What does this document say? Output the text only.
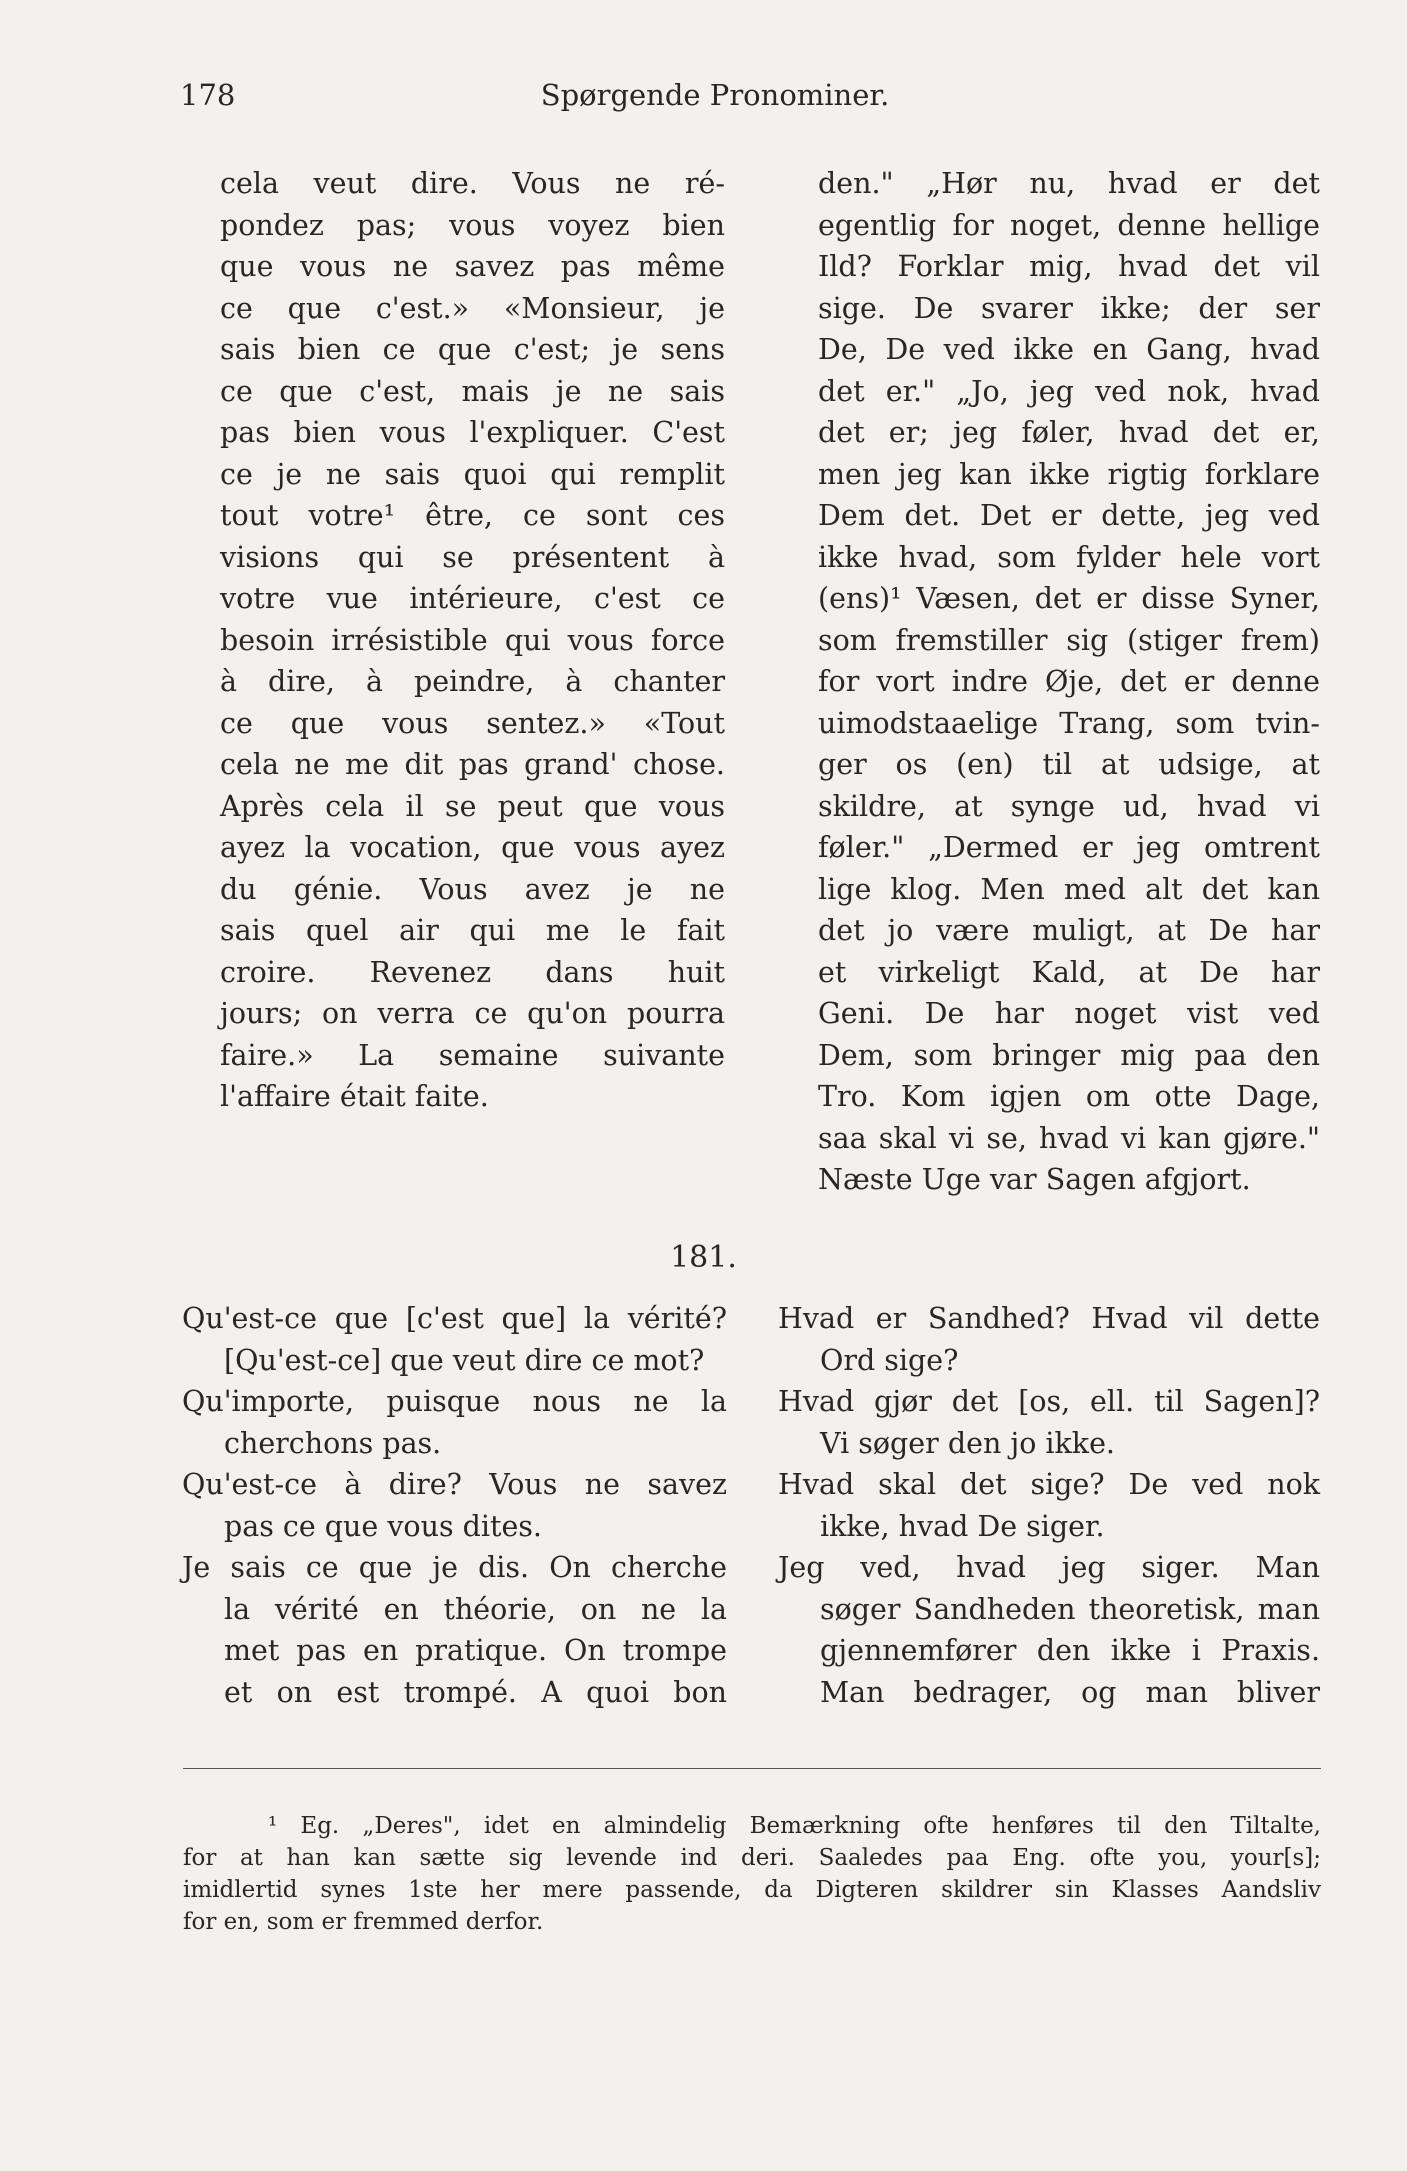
178	Spørgende Pronominer.
cela veut dire. Vous ne ré-
pondez pas; vous voyez bien
que vous ne savez pas même
ce que c'est.» «Monsieur, je
sais bien ce que c'est; je sens
ce que c'est, mais je ne sais
pas bien vous l'expliquer. C'est
ce je ne sais quoi qui remplit
tout votre¹ être, ce sont ces
visions qui se présentent à
votre vue intérieure, c'est ce
besoin irrésistible qui vous force
à dire, à peindre, à chanter
ce que vous sentez.» «Tout
cela ne me dit pas grand' chose.
Après cela il se peut que vous
ayez la vocation, que vous ayez
du génie. Vous avez je ne
sais quel air qui me le fait
croire. Revenez dans huit
jours; on verra ce qu'on pourra
faire.» La semaine suivante
l'affaire était faite.
den." „Hør nu, hvad er det
egentlig for noget, denne hellige
Ild? Forklar mig, hvad det vil
sige. De svarer ikke; der ser
De, De ved ikke en Gang, hvad
det er." „Jo, jeg ved nok, hvad
det er; jeg føler, hvad det er,
men jeg kan ikke rigtig forklare
Dem det. Det er dette, jeg ved
ikke hvad, som fylder hele vort
(ens)¹ Væsen, det er disse Syner,
som fremstiller sig (stiger frem)
for vort indre Øje, det er denne
uimodstaaelige Trang, som tvin-
ger os (en) til at udsige, at
skildre, at synge ud, hvad vi
føler." „Dermed er jeg omtrent
lige klog. Men med alt det kan
det jo være muligt, at De har
et virkeligt Kald, at De har
Geni. De har noget vist ved
Dem, som bringer mig paa den
Tro. Kom igjen om otte Dage,
saa skal vi se, hvad vi kan gjøre."
Næste Uge var Sagen afgjort.
181.
Qu'est-ce que [c'est que] la vérité?
[Qu'est-ce] que veut dire ce mot?
Qu'importe, puisque nous ne la
cherchons pas.
Qu'est-ce à dire? Vous ne savez
pas ce que vous dites.
Je sais ce que je dis. On cherche
la vérité en théorie, on ne la
met pas en pratique. On trompe
et on est trompé. A quoi bon
Hvad er Sandhed? Hvad vil dette
Ord sige?
Hvad gjør det [os, ell. til Sagen]?
Vi søger den jo ikke.
Hvad skal det sige? De ved nok
ikke, hvad De siger.
Jeg ved, hvad jeg siger. Man
søger Sandheden theoretisk, man
gjennemfører den ikke i Praxis.
Man bedrager, og man bliver
¹ Eg. „Deres", idet en almindelig Bemærkning ofte henføres til den Tiltalte,
for at han kan sætte sig levende ind deri. Saaledes paa Eng. ofte you, your[s];
imidlertid synes 1ste her mere passende, da Digteren skildrer sin Klasses Aandsliv
for en, som er fremmed derfor.
